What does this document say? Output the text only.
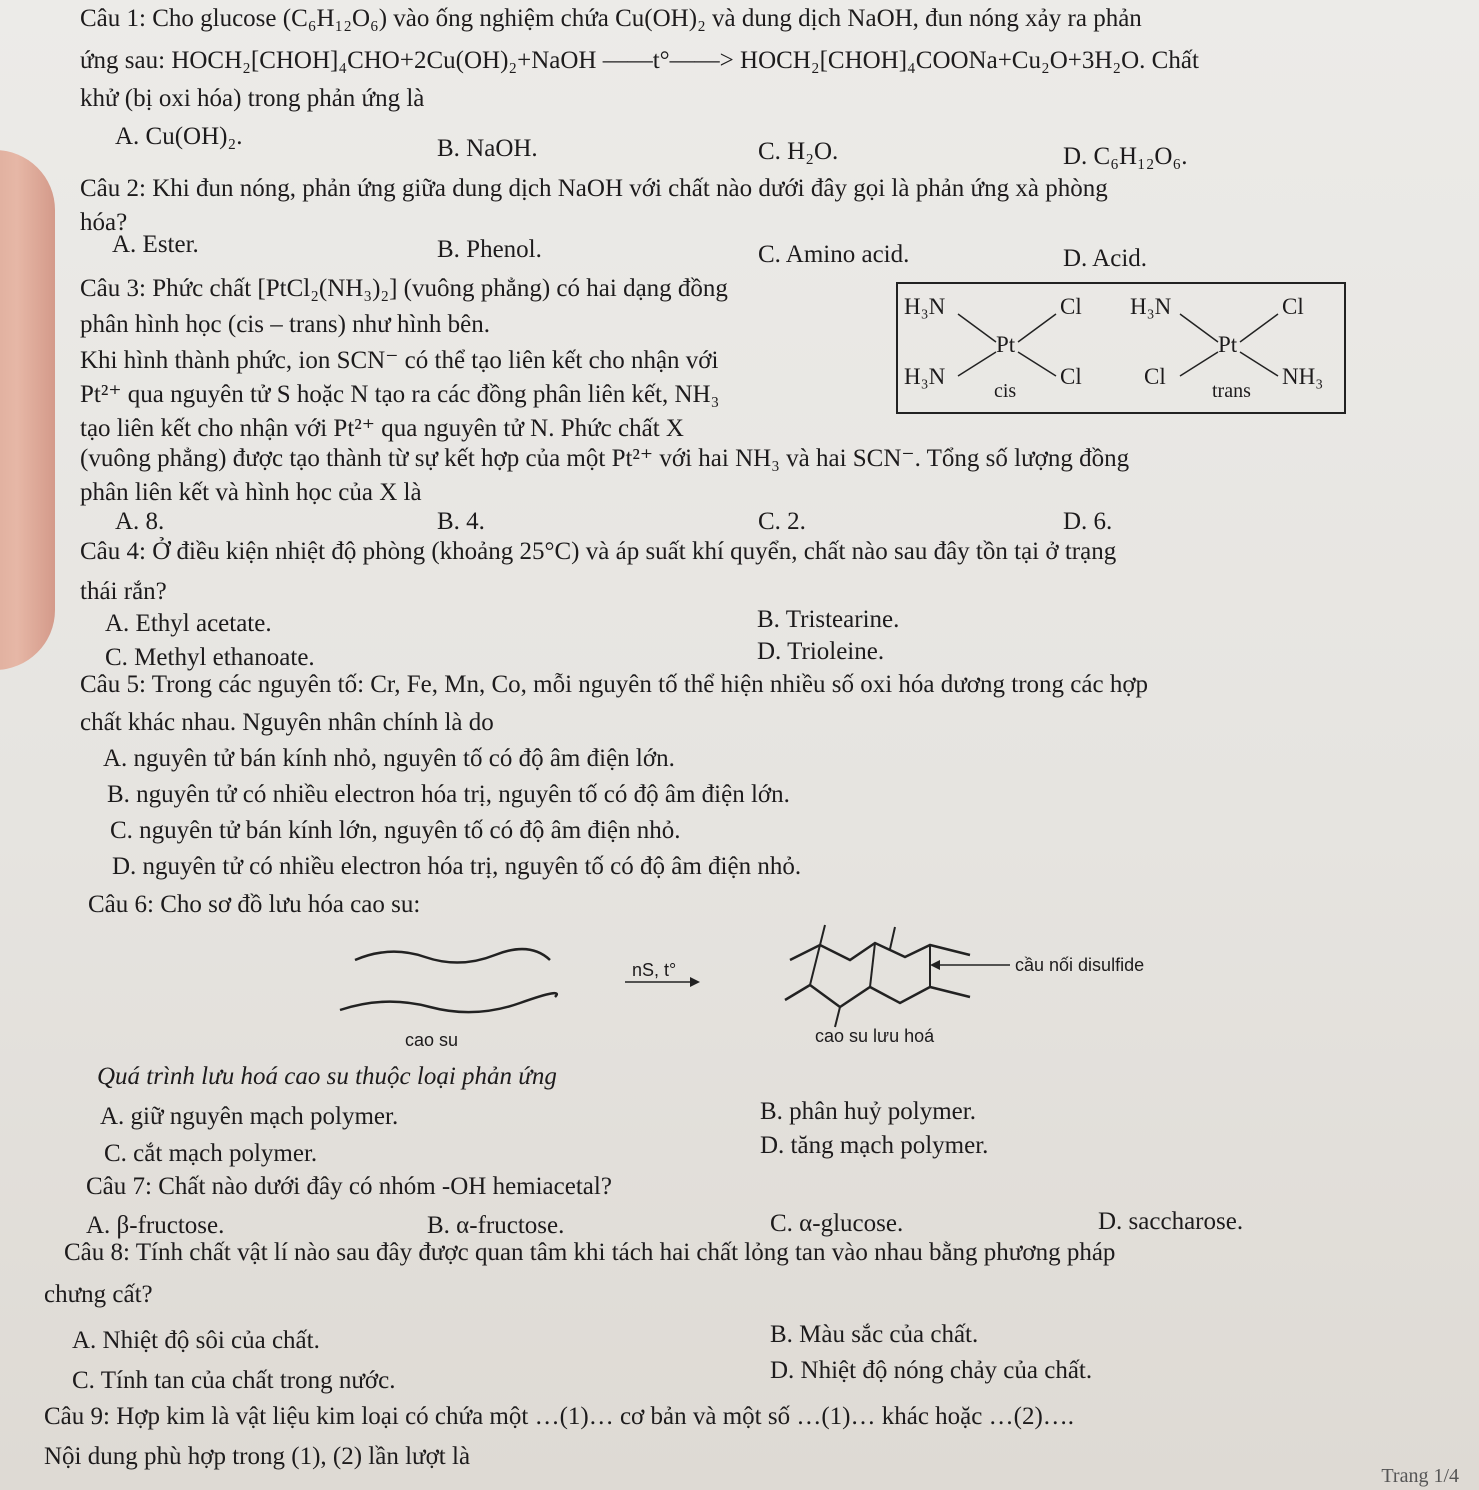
Câu 1: Cho glucose (C₆H₁₂O₆) vào ống nghiệm chứa Cu(OH)₂ và dung dịch NaOH, đun nóng xảy ra phản
ứng sau: HOCH₂[CHOH]₄CHO+2Cu(OH)₂+NaOH ——t°——> HOCH₂[CHOH]₄COONa+Cu₂O+3H₂O. Chất
khử (bị oxi hóa) trong phản ứng là
A. Cu(OH)₂.	B. NaOH.	C. H₂O.	D. C₆H₁₂O₆.
Câu 2: Khi đun nóng, phản ứng giữa dung dịch NaOH với chất nào dưới đây gọi là phản ứng xà phòng
hóa?
A. Ester.	B. Phenol.	C. Amino acid.	D. Acid.
Câu 3: Phức chất [PtCl₂(NH₃)₂] (vuông phẳng) có hai dạng đồng
phân hình học (cis – trans) như hình bên.
Khi hình thành phức, ion SCN⁻ có thể tạo liên kết cho nhận với
Pt²⁺ qua nguyên tử S hoặc N tạo ra các đồng phân liên kết, NH₃
tạo liên kết cho nhận với Pt²⁺ qua nguyên tử N. Phức chất X
(vuông phẳng) được tạo thành từ sự kết hợp của một Pt²⁺ với hai NH₃ và hai SCN⁻. Tổng số lượng đồng
phân liên kết và hình học của X là
H₃N	Cl
Pt
H₃N	Cl
cis
H₃N	Cl
Pt
Cl	NH₃
trans
A. 8.	B. 4.	C. 2.	D. 6.
Câu 4: Ở điều kiện nhiệt độ phòng (khoảng 25°C) và áp suất khí quyển, chất nào sau đây tồn tại ở trạng
thái rắn?
A. Ethyl acetate.	B. Tristearine.
C. Methyl ethanoate.	D. Trioleine.
Câu 5: Trong các nguyên tố: Cr, Fe, Mn, Co, mỗi nguyên tố thể hiện nhiều số oxi hóa dương trong các hợp
chất khác nhau. Nguyên nhân chính là do
A. nguyên tử bán kính nhỏ, nguyên tố có độ âm điện lớn.
B. nguyên tử có nhiều electron hóa trị, nguyên tố có độ âm điện lớn.
C. nguyên tử bán kính lớn, nguyên tố có độ âm điện nhỏ.
D. nguyên tử có nhiều electron hóa trị, nguyên tố có độ âm điện nhỏ.
Câu 6: Cho sơ đồ lưu hóa cao su:
nS, t°
cao su	cao su lưu hoá
cầu nối disulfide
Quá trình lưu hoá cao su thuộc loại phản ứng
A. giữ nguyên mạch polymer.	B. phân huỷ polymer.
C. cắt mạch polymer.	D. tăng mạch polymer.
Câu 7: Chất nào dưới đây có nhóm -OH hemiacetal?
A. β-fructose.	B. α-fructose.	C. α-glucose.	D. saccharose.
Câu 8: Tính chất vật lí nào sau đây được quan tâm khi tách hai chất lỏng tan vào nhau bằng phương pháp
chưng cất?
A. Nhiệt độ sôi của chất.	B. Màu sắc của chất.
C. Tính tan của chất trong nước.	D. Nhiệt độ nóng chảy của chất.
Câu 9: Hợp kim là vật liệu kim loại có chứa một …(1)… cơ bản và một số …(1)… khác hoặc …(2)….
Nội dung phù hợp trong (1), (2) lần lượt là
Trang 1/4
